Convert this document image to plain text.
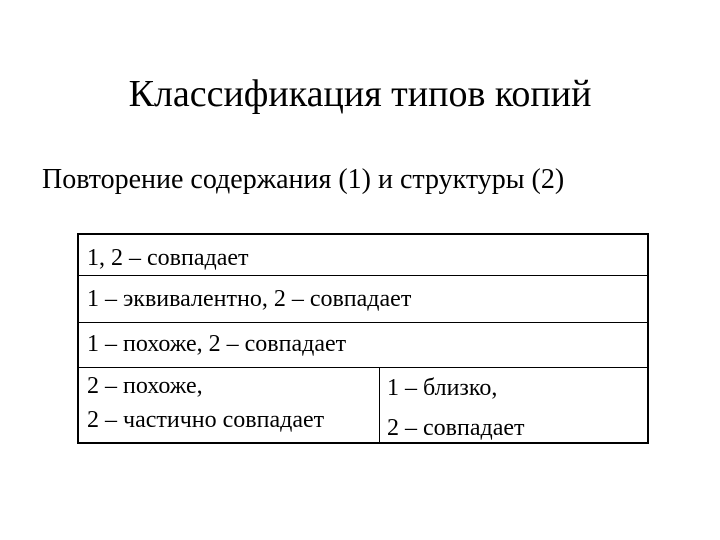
Классификация типов копий
Повторение содержания (1) и структуры (2)
1, 2 – совпадает
1 – эквивалентно, 2 – совпадает
1 – похоже, 2 – совпадает
2 – похоже,
2 – частично совпадает
1 – близко,
2 – совпадает
